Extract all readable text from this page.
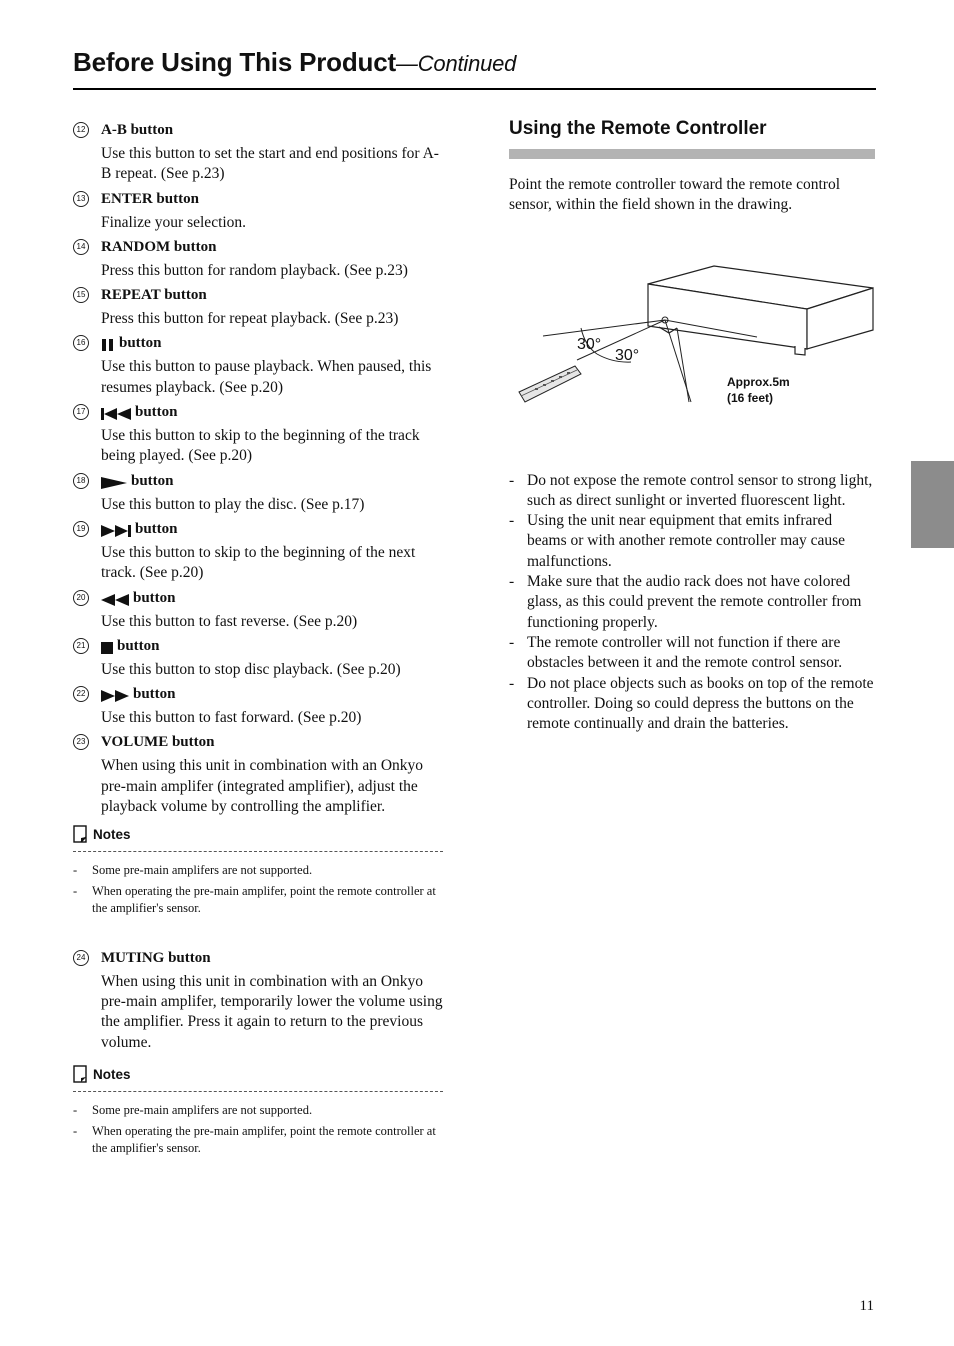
Before Using This Product—Continued
12 A-B button
Use this button to set the start and end positions for A-B repeat. (See p.23)
13 ENTER button
Finalize your selection.
14 RANDOM button
Press this button for random playback. (See p.23)
15 REPEAT button
Press this button for repeat playback. (See p.23)
16 button
Use this button to pause playback. When paused, this resumes playback. (See p.20)
17	button
Use this button to skip to the beginning of the track being played. (See p.20)
18	button
Use this button to play the disc. (See p.17)
19	button
Use this button to skip to the beginning of the next track. (See p.20)
20	button
Use this button to fast reverse. (See p.20)
21 button
Use this button to stop disc playback. (See p.20)
22	button
Use this button to fast forward. (See p.20)
23 VOLUME button
When using this unit in combination with an Onkyo pre-main amplifer (integrated amplifier), adjust the playback volume by controlling the amplifier.
Notes
- Some pre-main amplifers are not supported.
- When operating the pre-main amplifer, point the remote controller at the amplifier's sensor.
24 MUTING button
When using this unit in combination with an Onkyo pre-main amplifer, temporarily lower the volume using the amplifier. Press it again to return to the previous volume.
Notes
- Some pre-main amplifers are not supported.
- When operating the pre-main amplifer, point the remote controller at the amplifier's sensor.
Using the Remote Controller
Point the remote controller toward the remote control sensor, within the field shown in the drawing.
30°
30°
Approx.5m
(16 feet)
- Do not expose the remote control sensor to strong light, such as direct sunlight or inverted fluorescent light.
- Using the unit near equipment that emits infrared beams or with another remote controller may cause malfunctions.
- Make sure that the audio rack does not have colored glass, as this could prevent the remote controller from functioning properly.
- The remote controller will not function if there are obstacles between it and the remote control sensor.
- Do not place objects such as books on top of the remote controller. Doing so could depress the buttons on the remote continually and drain the batteries.
11
